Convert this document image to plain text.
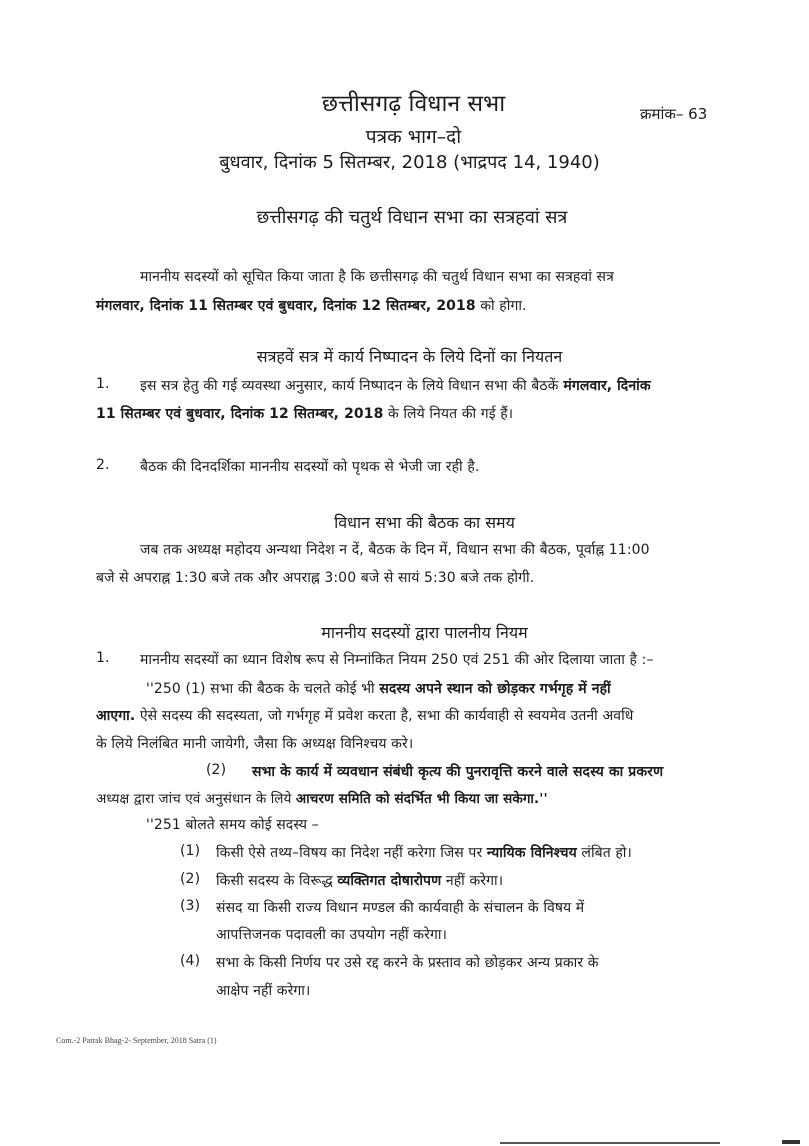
क्रमांक– 63
छत्तीसगढ़ विधान सभा
पत्रक भाग–दो
बुधवार, दिनांक 5 सितम्बर, 2018 (भाद्रपद 14, 1940)
छत्तीसगढ़ की चतुर्थ विधान सभा का सत्रहवां सत्र
माननीय सदस्यों को सूचित किया जाता है कि छत्तीसगढ़ की चतुर्थ विधान सभा का सत्रहवां सत्र
मंगलवार, दिनांक 11 सितम्बर एवं बुधवार, दिनांक 12 सितम्बर, 2018 को होगा.
सत्रहवें सत्र में कार्य निष्पादन के लिये दिनों का नियतन
1. इस सत्र हेतु की गई व्यवस्था अनुसार, कार्य निष्पादन के लिये विधान सभा की बैठकें मंगलवार, दिनांक
11 सितम्बर एवं बुधवार, दिनांक 12 सितम्बर, 2018 के लिये नियत की गई हैं।
2. बैठक की दिनदर्शिका माननीय सदस्यों को पृथक से भेजी जा रही है.
विधान सभा की बैठक का समय
जब तक अध्यक्ष महोदय अन्यथा निदेश न दें, बैठक के दिन में, विधान सभा की बैठक, पूर्वाह्न 11:00
बजे से अपराह्न 1:30 बजे तक और अपराह्न 3:00 बजे से सायं 5:30 बजे तक होगी.
माननीय सदस्यों द्वारा पालनीय नियम
1. माननीय सदस्यों का ध्यान विशेष रूप से निम्नांकित नियम 250 एवं 251 की ओर दिलाया जाता है :–
''250 (1) सभा की बैठक के चलते कोई भी सदस्य अपने स्थान को छोड़कर गर्भगृह में नहीं
आएगा. ऐसे सदस्य की सदस्यता, जो गर्भगृह में प्रवेश करता है, सभा की कार्यवाही से स्वयमेव उतनी अवधि
के लिये निलंबित मानी जायेगी, जैसा कि अध्यक्ष विनिश्चय करे।
(2) सभा के कार्य में व्यवधान संबंधी कृत्य की पुनरावृत्ति करने वाले सदस्य का प्रकरण
अध्यक्ष द्वारा जांच एवं अनुसंधान के लिये आचरण समिति को संदर्भित भी किया जा सकेगा.''
''251 बोलते समय कोई सदस्य –
(1) किसी ऐसे तथ्य–विषय का निदेश नहीं करेगा जिस पर न्यायिक विनिश्चय लंबित हो।
(2) किसी सदस्य के विरूद्ध व्यक्तिगत दोषारोपण नहीं करेगा।
(3) संसद या किसी राज्य विधान मण्डल की कार्यवाही के संचालन के विषय में
आपत्तिजनक पदावली का उपयोग नहीं करेगा।
(4) सभा के किसी निर्णय पर उसे रद्द करने के प्रस्ताव को छोड़कर अन्य प्रकार के
आक्षेप नहीं करेगा।
Com.-2 Patrak Bhag-2- September, 2018 Satra (1)
